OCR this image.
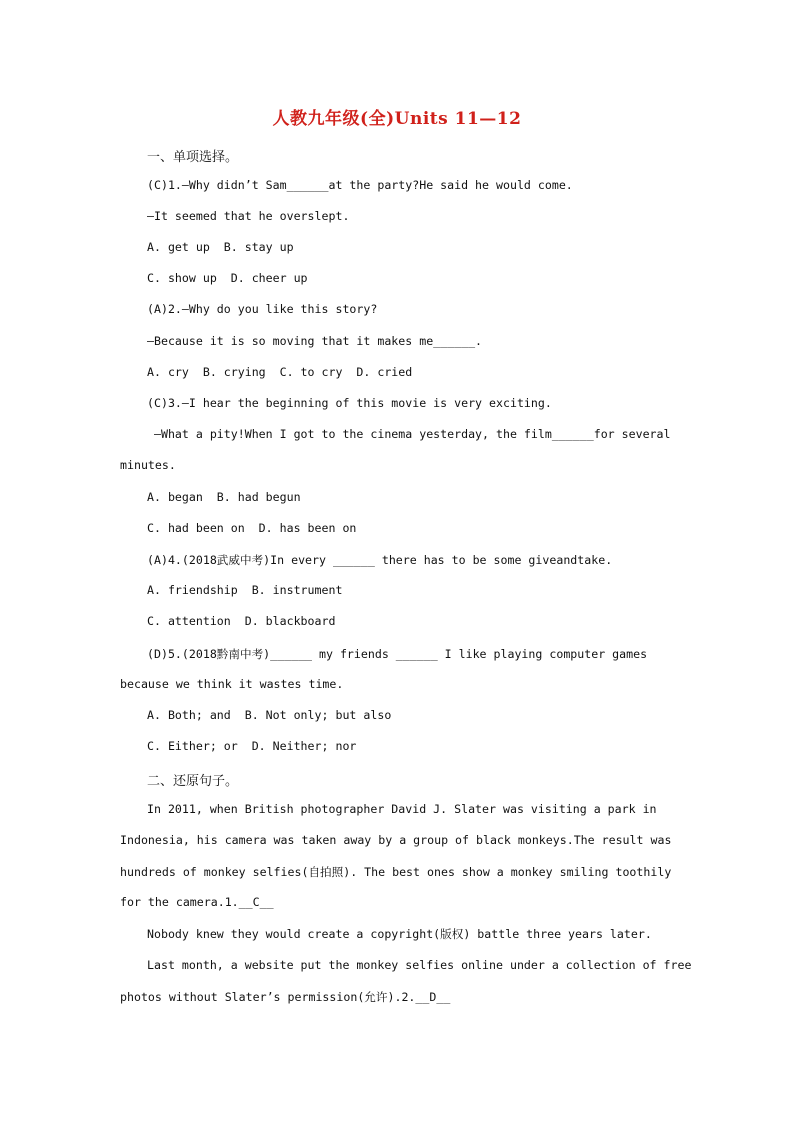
人教九年级(全)Units 11—12
一、单项选择。
(C)1.—Why didn’t Sam______at the party?He said he would come.
—It seemed that he overslept.
A. get up  B. stay up
C. show up  D. cheer up
(A)2.—Why do you like this story?
—Because it is so moving that it makes me______.
A. cry  B. crying  C. to cry  D. cried
(C)3.—I hear the beginning of this movie is very exciting.
—What a pity!When I got to the cinema yesterday, the film______for several
minutes.
A. began  B. had begun
C. had been on  D. has been on
(A)4.(2018武威中考)In every ______ there has to be some giveandtake.
A. friendship  B. instrument
C. attention  D. blackboard
(D)5.(2018黔南中考)______ my friends ______ I like playing computer games
because we think it wastes time.
A. Both; and  B. Not only; but also
C. Either; or  D. Neither; nor
二、还原句子。
In 2011, when British photographer David J. Slater was visiting a park in
Indonesia, his camera was taken away by a group of black monkeys.The result was
hundreds of monkey selfies(自拍照). The best ones show a monkey smiling toothily
for the camera.1.__C__
Nobody knew they would create a copyright(版权) battle three years later.
Last month, a website put the monkey selfies online under a collection of free
photos without Slater’s permission(允许).2.__D__
